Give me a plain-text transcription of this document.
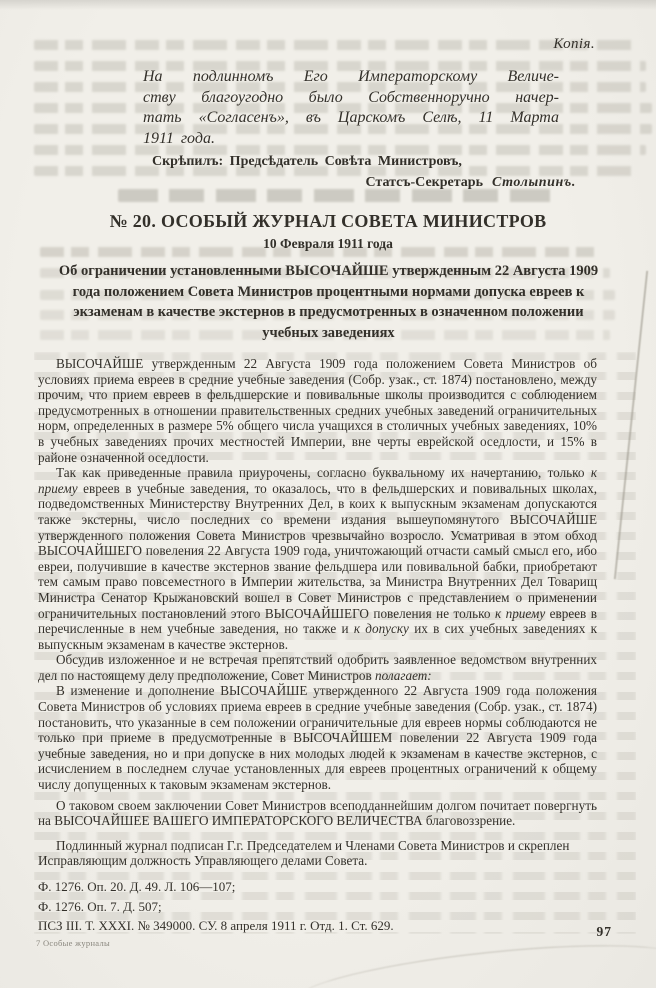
Копія.
На подлинномъ Его Императорскому Величе-
ству благоугодно было Собственноручно начер-
тать «Согласенъ», въ Царскомъ Селѣ, 11 Марта
1911 года.
Скрѣпилъ: Предсѣдатель Совѣта Министровъ,
Статсъ-Секретарь Столыпинъ.
№ 20. ОСОБЫЙ ЖУРНАЛ СОВЕТА МИНИСТРОВ
10 Февраля 1911 года
Об ограничении установленными ВЫСОЧАЙШЕ утвержденным 22 Августа 1909 года положением Совета Министров процентными нормами допуска евреев к экзаменам в качестве экстернов в предусмотренных в означенном положении учебных заведениях

ВЫСОЧАЙШЕ утвержденным 22 Августа 1909 года положением Совета Министров об условиях приема евреев в средние учебные заведения (Собр. узак., ст. 1874) постановлено, между прочим, что прием евреев в фельдшерские и повивальные школы производится с соблюдением предусмотренных в отношении правительственных средних учебных заведений ограничительных норм, определенных в размере 5% общего числа учащихся в столичных учебных заведениях, 10% в учебных заведениях прочих местностей Империи, вне черты еврейской оседлости, и 15% в районе означенной оседлости.

Так как приведенные правила приурочены, согласно буквальному их начертанию, только к приему евреев в учебные заведения, то оказалось, что в фельдшерских и повивальных школах, подведомственных Министерству Внутренних Дел, в коих к выпускным экзаменам допускаются также экстерны, число последних со времени издания вышеупомянутого ВЫСОЧАЙШЕ утвержденного положения Совета Министров чрезвычайно возросло. Усматривая в этом обход ВЫСОЧАЙШЕГО повеления 22 Августа 1909 года, уничтожающий отчасти самый смысл его, ибо евреи, получившие в качестве экстернов звание фельдшера или повивальной бабки, приобретают тем самым право повсеместного в Империи жительства, за Министра Внутренних Дел Товарищ Министра Сенатор Крыжановский вошел в Совет Министров с представлением о применении ограничительных постановлений этого ВЫСОЧАЙШЕГО повеления не только к приему евреев в перечисленные в нем учебные заведения, но также и к допуску их в сих учебных заведениях к выпускным экзаменам в качестве экстернов.

Обсудив изложенное и не встречая препятствий одобрить заявленное ведомством внутренних дел по настоящему делу предположение, Совет Министров полагает:

В изменение и дополнение ВЫСОЧАЙШЕ утвержденного 22 Августа 1909 года положения Совета Министров об условиях приема евреев в средние учебные заведения (Собр. узак., ст. 1874) постановить, что указанные в сем положении ограничительные для евреев нормы соблюдаются не только при приеме в предусмотренные в ВЫСОЧАЙШЕМ повелении 22 Августа 1909 года учебные заведения, но и при допуске в них молодых людей к экзаменам в качестве экстернов, с исчислением в последнем случае установленных для евреев процентных ограничений к общему числу допущенных к таковым экзаменам экстернов.

О таковом своем заключении Совет Министров всеподданнейшим долгом почитает повергнуть на ВЫСОЧАЙШЕЕ ВАШЕГО ИМПЕРАТОРСКОГО ВЕЛИЧЕСТВА благовоззрение.

Подлинный журнал подписан Г.г. Председателем и Членами Совета Министров и скреплен Исправляющим должность Управляющего делами Совета.

Ф. 1276. Оп. 20. Д. 49. Л. 106—107;
Ф. 1276. Оп. 7. Д. 507;
ПСЗ III. Т. XXXI. № 349000. СУ. 8 апреля 1911 г. Отд. 1. Ст. 629.
7 Особые журналы
97
